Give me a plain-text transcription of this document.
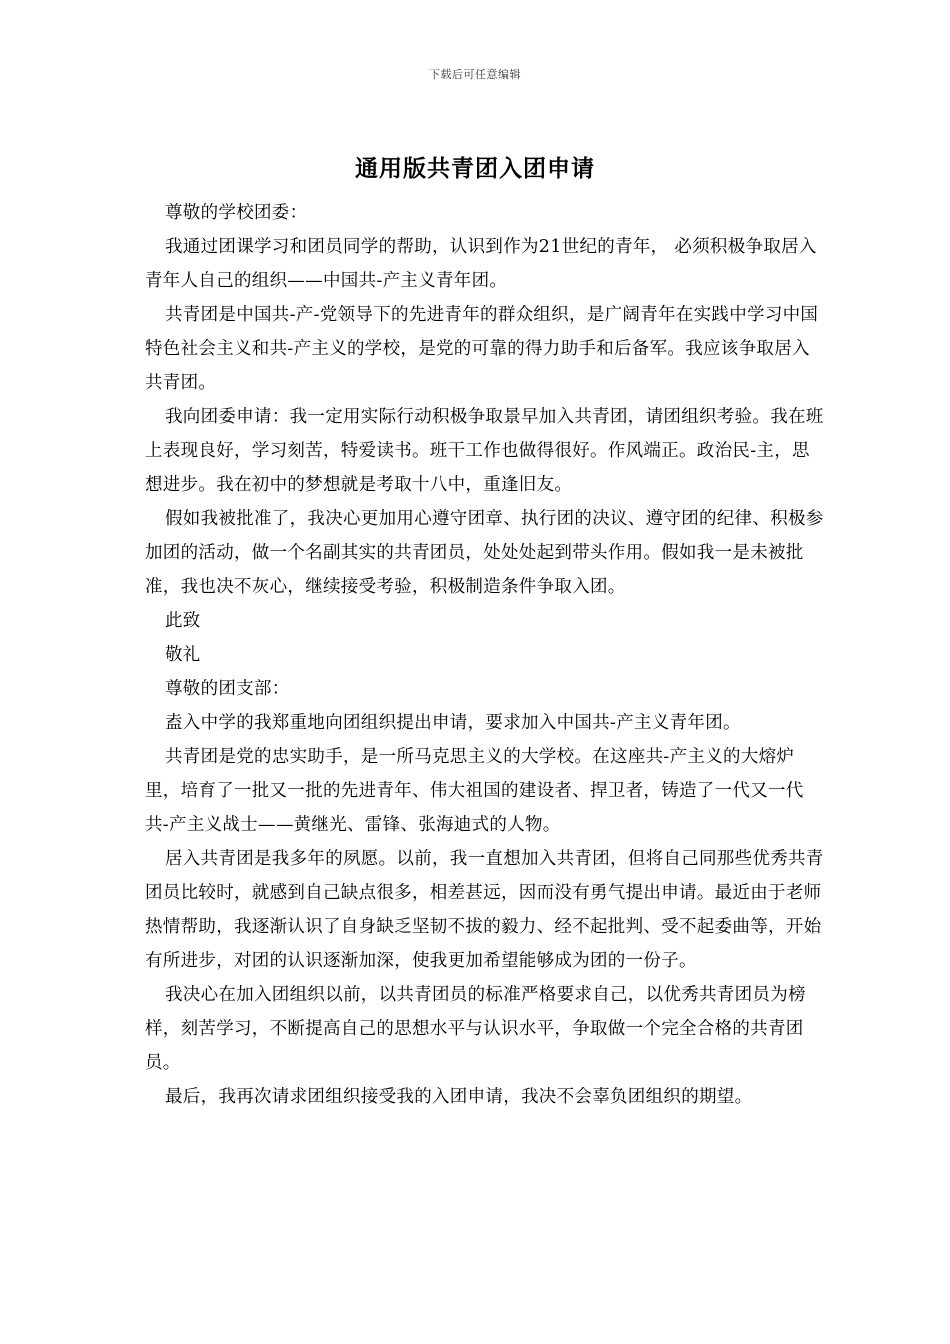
下载后可任意编辑
通用版共青团入团申请

尊敬的学校团委：

我通过团课学习和团员同学的帮助，认识到作为21世纪的青年， 必须积极争取居入青年人自己的组织——中国共-产主义青年团。

共青团是中国共-产-党领导下的先进青年的群众组织，是广阔青年在实践中学习中国特色社会主义和共-产主义的学校，是党的可靠的得力助手和后备军。我应该争取居入共青团。

我向团委申请：我一定用实际行动积极争取景早加入共青团，请团组织考验。我在班上表现良好，学习刻苦，特爱读书。班干工作也做得很好。作风端正。政治民-主，思想进步。我在初中的梦想就是考取十八中，重逢旧友。

假如我被批准了，我决心更加用心遵守团章、执行团的决议、遵守团的纪律、积极参加团的活动，做一个名副其实的共青团员，处处处起到带头作用。假如我一是未被批准，我也决不灰心，继续接受考验，积极制造条件争取入团。

此致

敬礼

尊敬的团支部：

盍入中学的我郑重地向团组织提出申请，要求加入中国共-产主义青年团。

共青团是党的忠实助手，是一所马克思主义的大学校。在这座共-产主义的大熔炉里，培育了一批又一批的先进青年、伟大祖国的建设者、捍卫者，铸造了一代又一代共-产主义战士——黄继光、雷锋、张海迪式的人物。

居入共青团是我多年的夙愿。以前，我一直想加入共青团，但将自己同那些优秀共青团员比较时，就感到自己缺点很多，相差甚远，因而没有勇气提出申请。最近由于老师热情帮助，我逐渐认识了自身缺乏坚韧不拔的毅力、经不起批判、受不起委曲等，开始有所进步，对团的认识逐渐加深，使我更加希望能够成为团的一份子。

我决心在加入团组织以前，以共青团员的标准严格要求自己，以优秀共青团员为榜样，刻苦学习，不断提高自己的思想水平与认识水平，争取做一个完全合格的共青团员。

最后，我再次请求团组织接受我的入团申请，我决不会辜负团组织的期望。
